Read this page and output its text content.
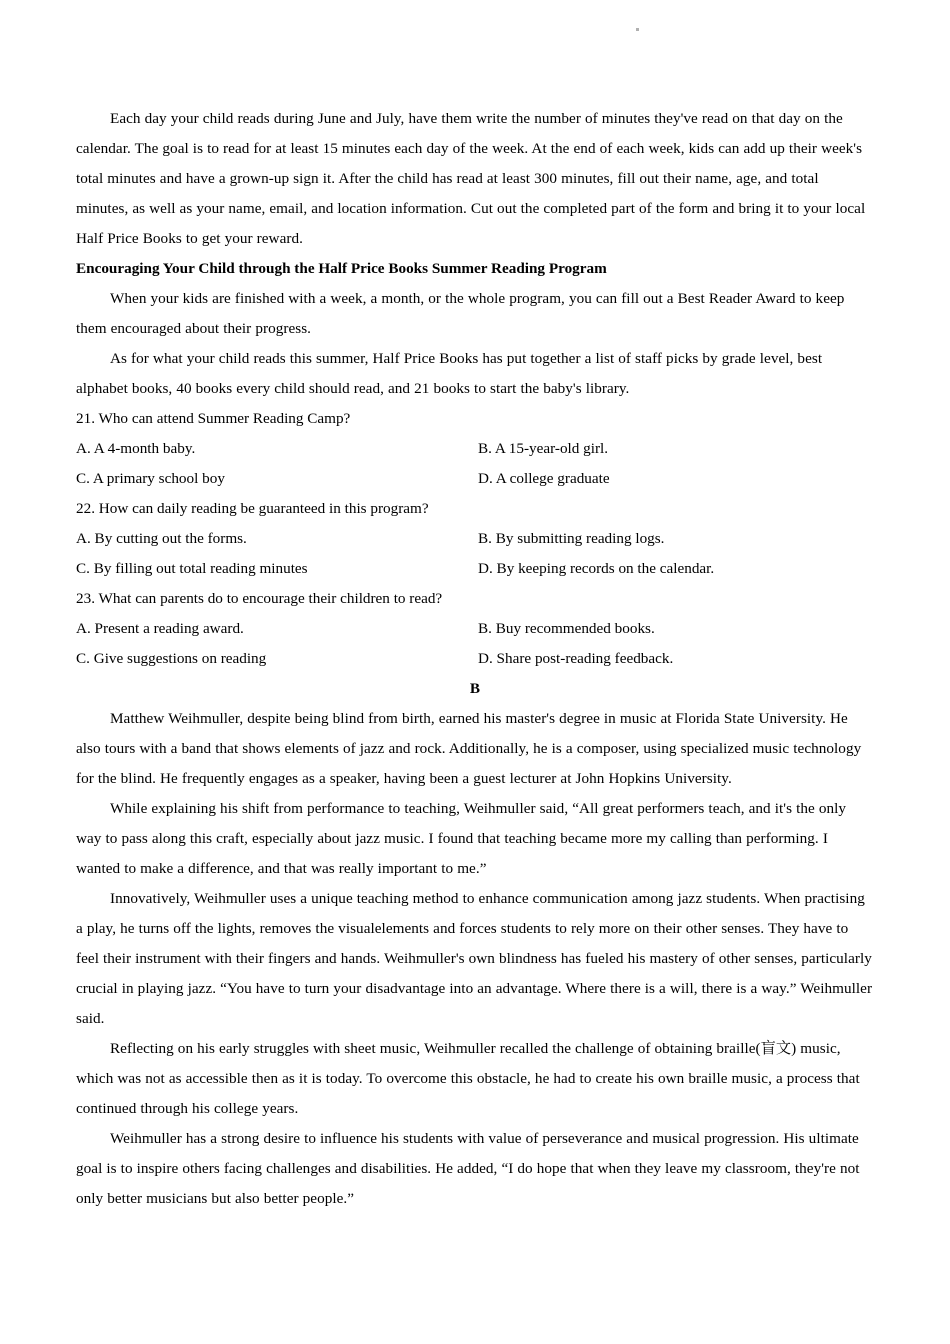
Each day your child reads during June and July, have them write the number of minutes they've read on that day on the calendar. The goal is to read for at least 15 minutes each day of the week. At the end of each week, kids can add up their week's total minutes and have a grown-up sign it. After the child has read at least 300 minutes, fill out their name, age, and total minutes, as well as your name, email, and location information. Cut out the completed part of the form and bring it to your local Half Price Books to get your reward.

Encouraging Your Child through the Half Price Books Summer Reading Program

When your kids are finished with a week, a month, or the whole program, you can fill out a Best Reader Award to keep them encouraged about their progress.

As for what your child reads this summer, Half Price Books has put together a list of staff picks by grade level, best alphabet books, 40 books every child should read, and 21 books to start the baby's library.

21. Who can attend Summer Reading Camp?
A. A 4-month baby.	B. A 15-year-old girl.
C. A primary school boy	D. A college graduate
22. How can daily reading be guaranteed in this program?
A. By cutting out the forms.	B. By submitting reading logs.
C. By filling out total reading minutes	D. By keeping records on the calendar.
23. What can parents do to encourage their children to read?
A. Present a reading award.	B. Buy recommended books.
C. Give suggestions on reading	D. Share post-reading feedback.
B

Matthew Weihmuller, despite being blind from birth, earned his master's degree in music at Florida State University. He also tours with a band that shows elements of jazz and rock. Additionally, he is a composer, using specialized music technology for the blind. He frequently engages as a speaker, having been a guest lecturer at John Hopkins University.

While explaining his shift from performance to teaching, Weihmuller said, “All great performers teach, and it's the only way to pass along this craft, especially about jazz music. I found that teaching became more my calling than performing. I wanted to make a difference, and that was really important to me.”

Innovatively, Weihmuller uses a unique teaching method to enhance communication among jazz students. When practising a play, he turns off the lights, removes the visualelements and forces students to rely more on their other senses. They have to feel their instrument with their fingers and hands. Weihmuller's own blindness has fueled his mastery of other senses, particularly crucial in playing jazz. “You have to turn your disadvantage into an advantage. Where there is a will, there is a way.” Weihmuller said.

Reflecting on his early struggles with sheet music, Weihmuller recalled the challenge of obtaining braille(盲文) music, which was not as accessible then as it is today. To overcome this obstacle, he had to create his own braille music, a process that continued through his college years.

Weihmuller has a strong desire to influence his students with value of perseverance and musical progression. His ultimate goal is to inspire others facing challenges and disabilities. He added, “I do hope that when they leave my classroom, they're not only better musicians but also better people.”
